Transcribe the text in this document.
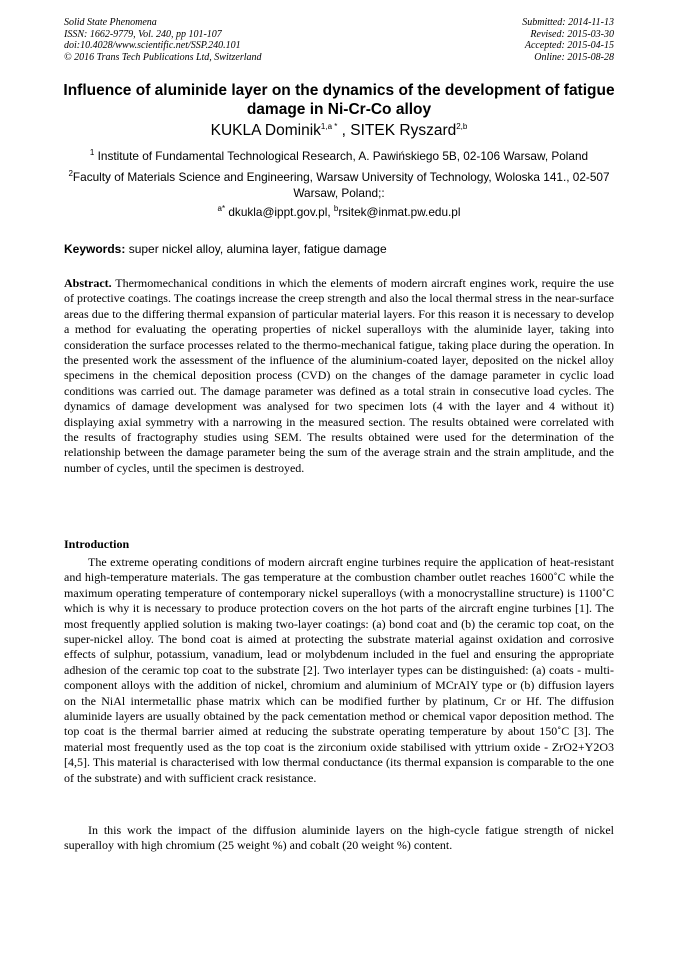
Solid State Phenomena
ISSN: 1662-9779, Vol. 240, pp 101-107
doi:10.4028/www.scientific.net/SSP.240.101
© 2016 Trans Tech Publications Ltd, Switzerland
Submitted: 2014-11-13
Revised: 2015-03-30
Accepted: 2015-04-15
Online: 2015-08-28
Influence of aluminide layer on the dynamics of the development of fatigue damage in Ni-Cr-Co alloy
KUKLA Dominik$^{1,a *}$ , SITEK Ryszard$^{2,b}$
$^1$ Institute of Fundamental Technological Research, A. Pawińskiego 5B, 02-106 Warsaw, Poland
$^2$Faculty of Materials Science and Engineering, Warsaw University of Technology, Woloska 141., 02-507 Warsaw, Poland;:
$^{a*}$ dkukla@ippt.gov.pl, $^b$rsitek@inmat.pw.edu.pl
Keywords: super nickel alloy, alumina layer, fatigue damage
Abstract. Thermomechanical conditions in which the elements of modern aircraft engines work, require the use of protective coatings. The coatings increase the creep strength and also the local thermal stress in the near-surface areas due to the differing thermal expansion of particular material layers. For this reason it is necessary to develop a method for evaluating the operating properties of nickel superalloys with the aluminide layer, taking into consideration the surface processes related to the thermo-mechanical fatigue, taking place during the operation. In the presented work the assessment of the influence of the aluminium-coated layer, deposited on the nickel alloy specimens in the chemical deposition process (CVD) on the changes of the damage parameter in cyclic load conditions was carried out. The damage parameter was defined as a total strain in consecutive load cycles. The dynamics of damage development was analysed for two specimen lots (4 with the layer and 4 without it) displaying axial symmetry with a narrowing in the measured section. The results obtained were correlated with the results of fractography studies using SEM. The results obtained were used for the determination of the relationship between the damage parameter being the sum of the average strain and the strain amplitude, and the number of cycles, until the specimen is destroyed.
Introduction
The extreme operating conditions of modern aircraft engine turbines require the application of heat-resistant and high-temperature materials. The gas temperature at the combustion chamber outlet reaches 1600˚C while the maximum operating temperature of contemporary nickel superalloys (with a monocrystalline structure) is 1100˚C which is why it is necessary to produce protection covers on the hot parts of the aircraft engine turbines [1]. The most frequently applied solution is making two-layer coatings: (a) bond coat and (b) the ceramic top coat, on the super-nickel alloy. The bond coat is aimed at protecting the substrate material against oxidation and corrosive effects of sulphur, potassium, vanadium, lead or molybdenum included in the fuel and ensuring the appropriate adhesion of the ceramic top coat to the substrate [2]. Two interlayer types can be distinguished: (a) coats - multi-component alloys with the addition of nickel, chromium and aluminium of MCrAlY type or (b) diffusion layers on the NiAl intermetallic phase matrix which can be modified further by platinum, Cr or Hf. The diffusion aluminide layers are usually obtained by the pack cementation method or chemical vapor deposition method. The top coat is the thermal barrier aimed at reducing the substrate operating temperature by about 150˚C [3]. The material most frequently used as the top coat is the zirconium oxide stabilised with yttrium oxide - ZrO2+Y2O3 [4,5]. This material is characterised with low thermal conductance (its thermal expansion is comparable to the one of the substrate) and with sufficient crack resistance.
In this work the impact of the diffusion aluminide layers on the high-cycle fatigue strength of nickel superalloy with high chromium (25 weight %) and cobalt (20 weight %) content.
